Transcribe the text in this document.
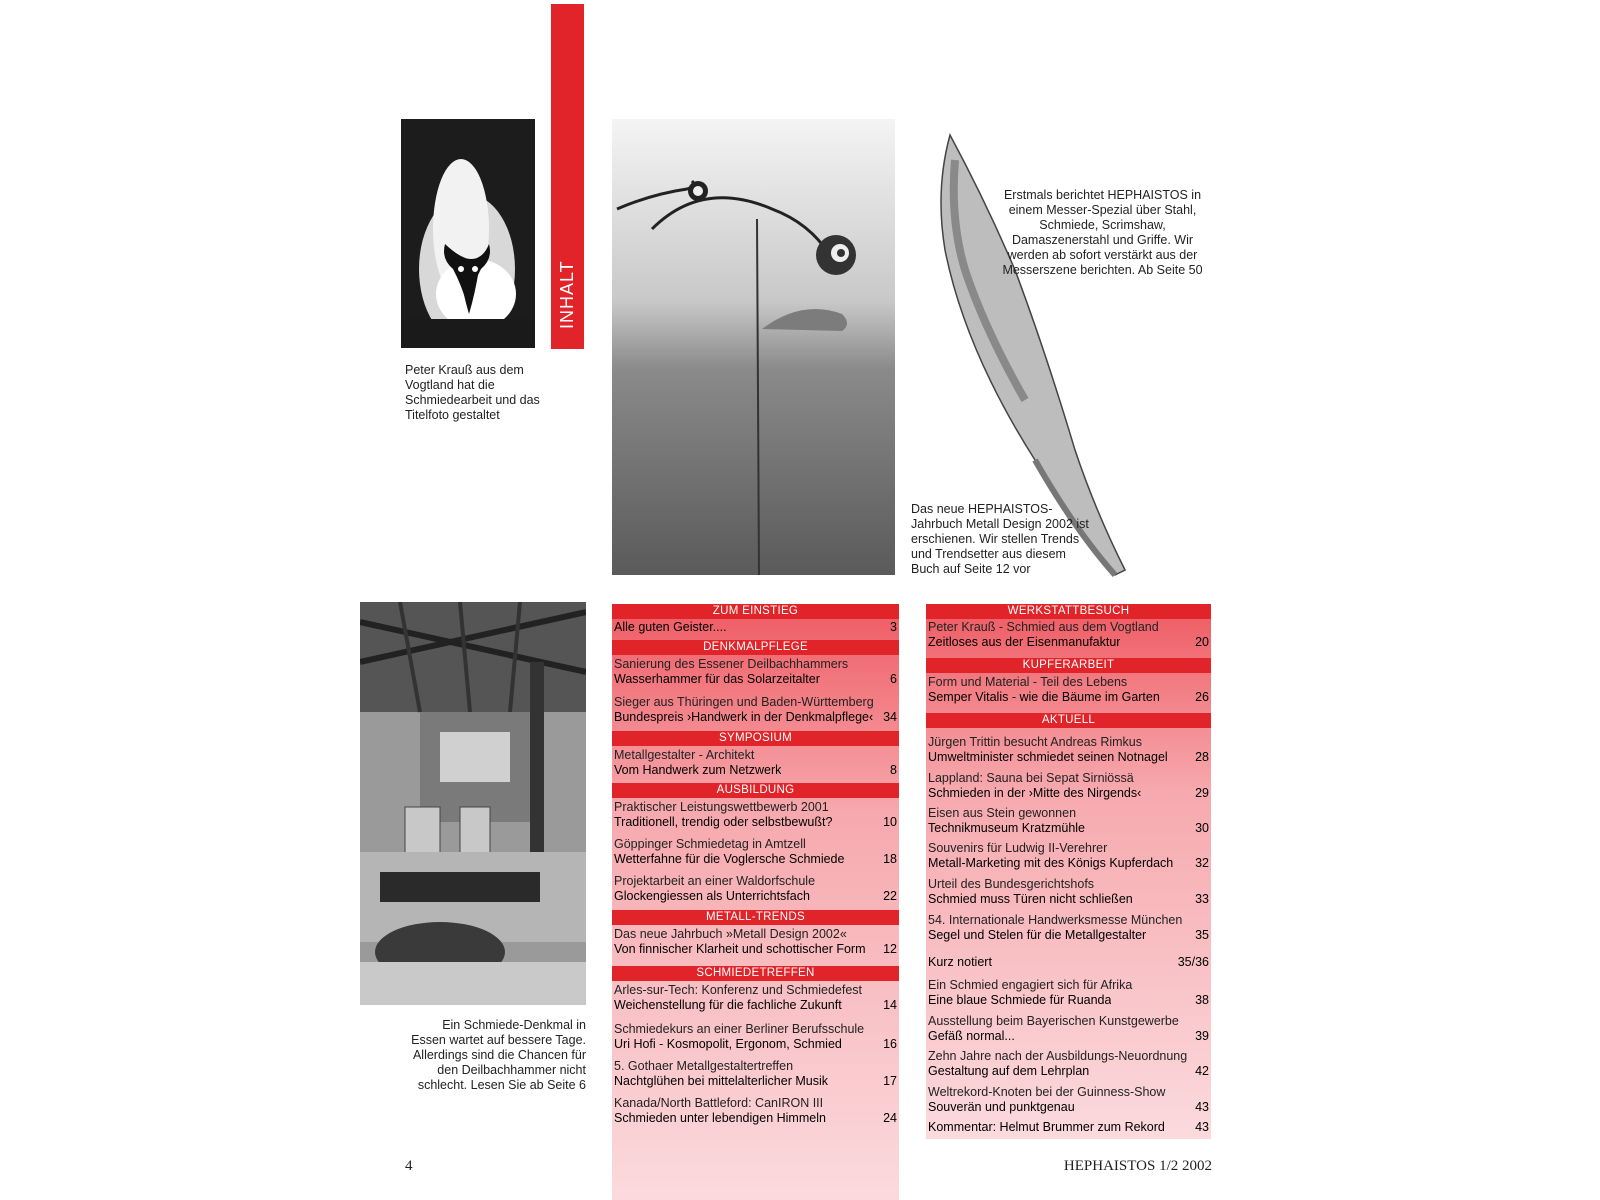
INHALT
Peter Krauß aus dem Vogtland hat die Schmiedearbeit und das Titelfoto gestaltet
Erstmals berichtet HEPHAISTOS in einem Messer-Spezial über Stahl, Schmiede, Scrimshaw, Damaszenerstahl und Griffe. Wir werden ab sofort verstärkt aus der Messerszene berichten. Ab Seite 50
Das neue HEPHAISTOS-Jahrbuch Metall Design 2002 ist erschienen. Wir stellen Trends und Trendsetter aus diesem Buch auf Seite 12 vor
Ein Schmiede-Denkmal in Essen wartet auf bessere Tage. Allerdings sind die Chancen für den Deilbachhammer nicht schlecht. Lesen Sie ab Seite 6
ZUM EINSTIEG
Alle guten Geister....	3
DENKMALPFLEGE
Sanierung des Essener Deilbachhammers
Wasserhammer für das Solarzeitalter	6
Sieger aus Thüringen und Baden-Württemberg
Bundespreis ›Handwerk in der Denkmalpflege‹ 34
SYMPOSIUM
Metallgestalter - Architekt
Vom Handwerk zum Netzwerk	8
AUSBILDUNG
Praktischer Leistungswettbewerb 2001
Traditionell, trendig oder selbstbewußt?	10
Göppinger Schmiedetag in Amtzell
Wetterfahne für die Voglersche Schmiede	18
Projektarbeit an einer Waldorfschule
Glockengiessen als Unterrichtsfach	22
METALL-TRENDS
Das neue Jahrbuch »Metall Design 2002«
Von finnischer Klarheit und schottischer Form	12
SCHMIEDETREFFEN
Arles-sur-Tech: Konferenz und Schmiedefest
Weichenstellung für die fachliche Zukunft	14
Schmiedekurs an einer Berliner Berufsschule
Uri Hofi - Kosmopolit, Ergonom, Schmied	16
5. Gothaer Metallgestaltertreffen
Nachtglühen bei mittelalterlicher Musik	17
Kanada/North Battleford: CanIRON III
Schmieden unter lebendigen Himmeln	24
WERKSTATTBESUCH
Peter Krauß - Schmied aus dem Vogtland
Zeitloses aus der Eisenmanufaktur	20
KUPFERARBEIT
Form und Material - Teil des Lebens
Semper Vitalis - wie die Bäume im Garten	26
AKTUELL
Jürgen Trittin besucht Andreas Rimkus
Umweltminister schmiedet seinen Notnagel	28
Lappland: Sauna bei Sepat Sirniössä
Schmieden in der ›Mitte des Nirgends‹	29
Eisen aus Stein gewonnen
Technikmuseum Kratzmühle	30
Souvenirs für Ludwig II-Verehrer
Metall-Marketing mit des Königs Kupferdach	32
Urteil des Bundesgerichtshofs
Schmied muss Türen nicht schließen	33
54. Internationale Handwerksmesse München
Segel und Stelen für die Metallgestalter	35
Kurz notiert	35/36
Ein Schmied engagiert sich für Afrika
Eine blaue Schmiede für Ruanda	38
Ausstellung beim Bayerischen Kunstgewerbe
Gefäß normal...	39
Zehn Jahre nach der Ausbildungs-Neuordnung
Gestaltung auf dem Lehrplan	42
Weltrekord-Knoten bei der Guinness-Show
Souverän und punktgenau	43
Kommentar: Helmut Brummer zum Rekord	43
4	HEPHAISTOS 1/2 2002
